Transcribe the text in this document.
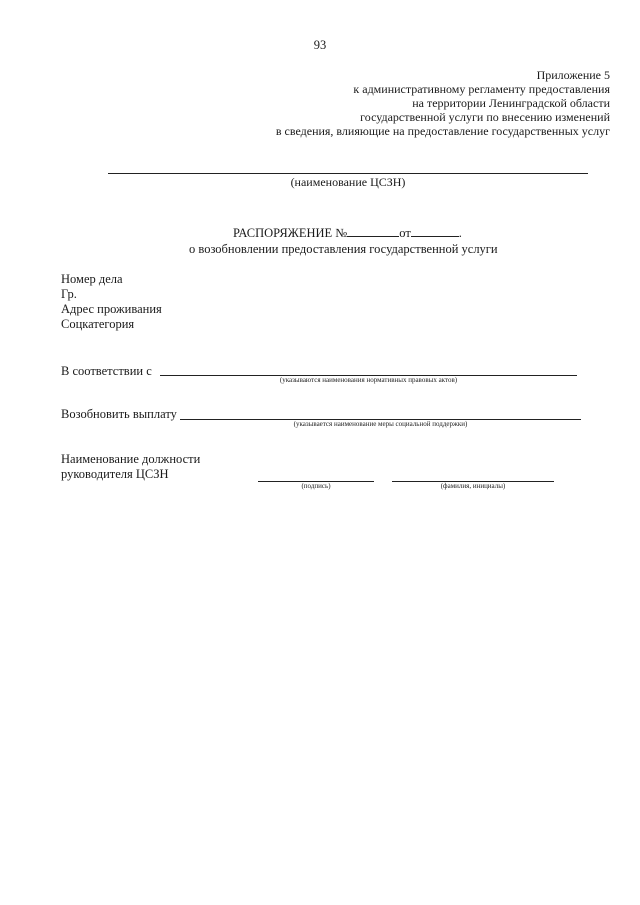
93
Приложение 5
к административному регламенту предоставления
на территории Ленинградской области
государственной услуги по внесению изменений
в сведения, влияющие на предоставление государственных услуг
(наименование ЦСЗН)
РАСПОРЯЖЕНИЕ №	от	.
о возобновлении предоставления государственной услуги
Номер дела
Гр.
Адрес проживания
Соцкатегория
В соответствии с
(указываются наименования нормативных правовых актов)
Возобновить выплату
(указывается наименование меры социальной поддержки)
Наименование должности
руководителя ЦСЗН
(подпись)	(фамилия, инициалы)
